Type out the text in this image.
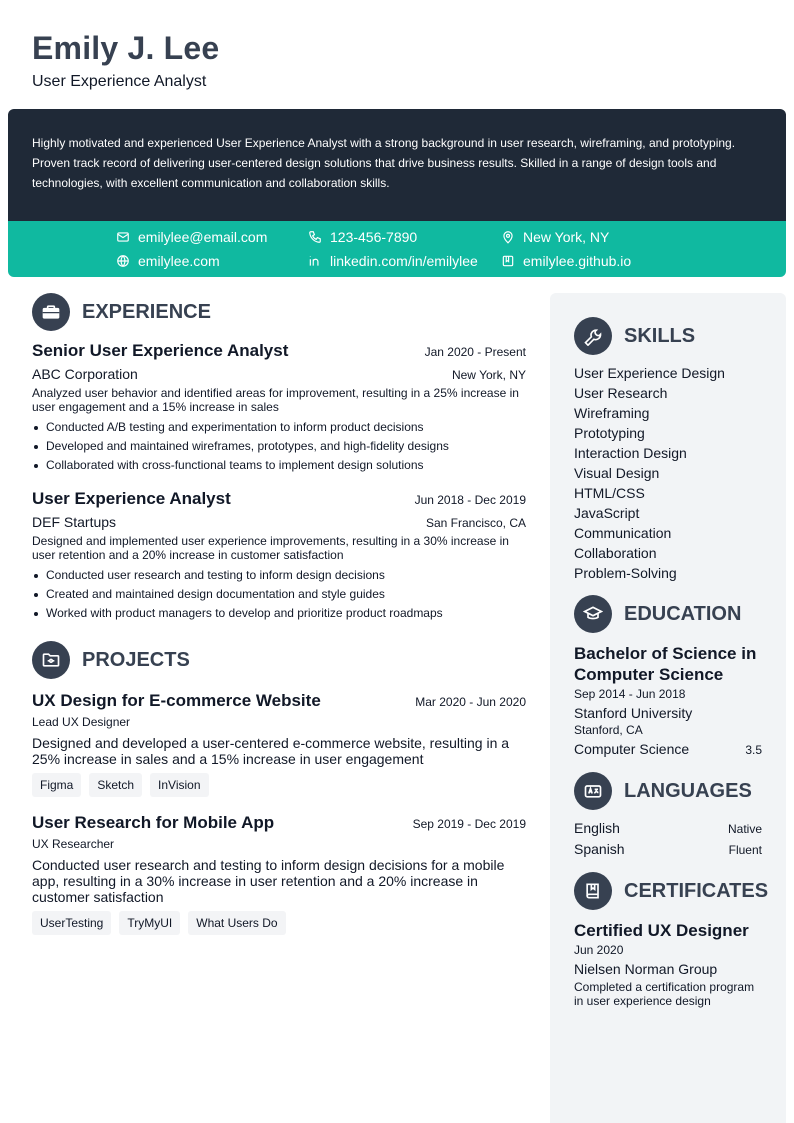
Emily J. Lee
User Experience Analyst

Highly motivated and experienced User Experience Analyst with a strong background in user research, wireframing, and prototyping. Proven track record of delivering user-centered design solutions that drive business results. Skilled in a range of design tools and technologies, with excellent communication and collaboration skills.

emilylee@email.com	123-456-7890	New York, NY
emilylee.com	linkedin.com/in/emilylee	emilylee.github.io
EXPERIENCE
Senior User Experience Analyst	Jan 2020 - Present
ABC Corporation	New York, NY

Analyzed user behavior and identified areas for improvement, resulting in a 25% increase in user engagement and a 15% increase in sales

Conducted A/B testing and experimentation to inform product decisions
Developed and maintained wireframes, prototypes, and high-fidelity designs
Collaborated with cross-functional teams to implement design solutions
User Experience Analyst	Jun 2018 - Dec 2019
DEF Startups	San Francisco, CA

Designed and implemented user experience improvements, resulting in a 30% increase in user retention and a 20% increase in customer satisfaction

Conducted user research and testing to inform design decisions
Created and maintained design documentation and style guides
Worked with product managers to develop and prioritize product roadmaps
PROJECTS
UX Design for E-commerce Website	Mar 2020 - Jun 2020
Lead UX Designer

Designed and developed a user-centered e-commerce website, resulting in a 25% increase in sales and a 15% increase in user engagement

Figma	Sketch	InVision
User Research for Mobile App	Sep 2019 - Dec 2019
UX Researcher

Conducted user research and testing to inform design decisions for a mobile app, resulting in a 30% increase in user retention and a 20% increase in customer satisfaction

UserTesting	TryMyUI	What Users Do
SKILLS
User Experience Design
User Research
Wireframing
Prototyping
Interaction Design
Visual Design
HTML/CSS
JavaScript
Communication
Collaboration
Problem-Solving
EDUCATION
Bachelor of Science in Computer Science
Sep 2014 - Jun 2018
Stanford University
Stanford, CA
Computer Science	3.5
LANGUAGES
English	Native
Spanish	Fluent
CERTIFICATES
Certified UX Designer
Jun 2020
Nielsen Norman Group
Completed a certification program in user experience design
